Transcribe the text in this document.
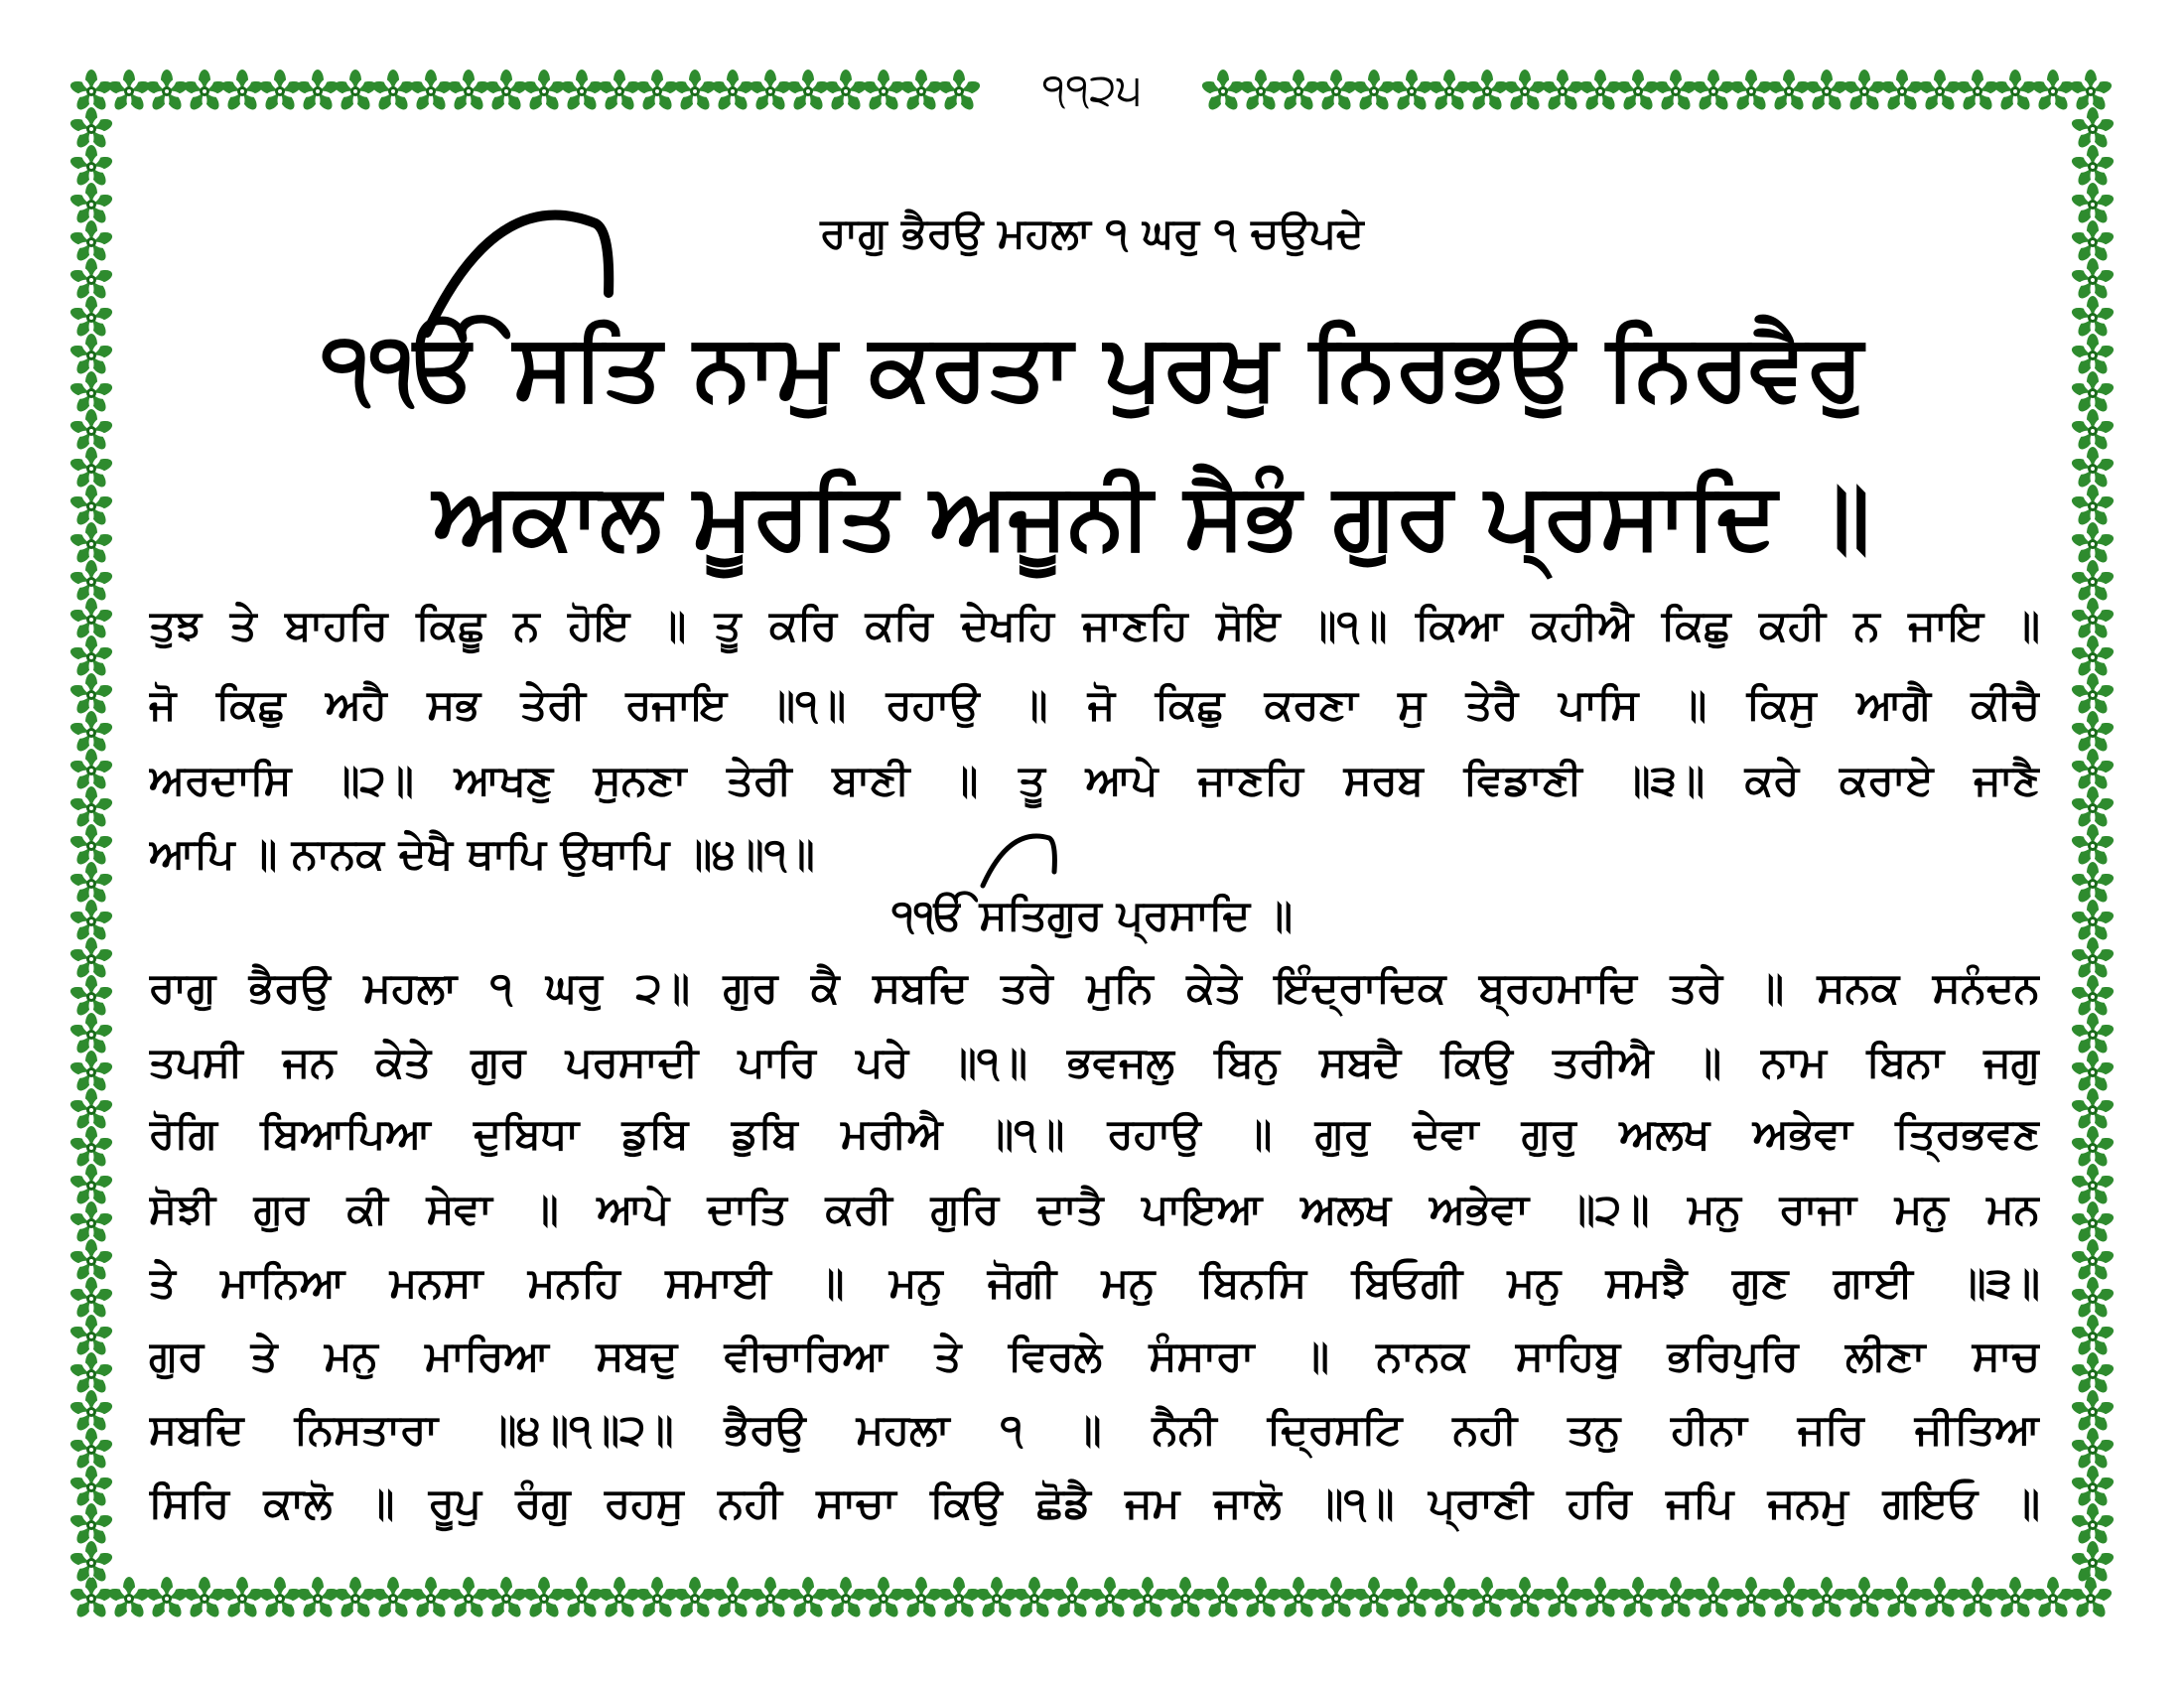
੧੧੨੫
ਰਾਗੁ ਭੈਰਉ ਮਹਲਾ ੧ ਘਰੁ ੧ ਚਉਪਦੇ
੧ੴ ਸਤਿ ਨਾਮੁ ਕਰਤਾ ਪੁਰਖੁ ਨਿਰਭਉ ਨਿਰਵੈਰੁ
ਅਕਾਲ ਮੂਰਤਿ ਅਜੂਨੀ ਸੈਭੰ ਗੁਰ ਪ੍ਰਸਾਦਿ ॥
ਤੁਝ ਤੇ ਬਾਹਰਿ ਕਿਛੂ ਨ ਹੋਇ ॥ ਤੂ ਕਰਿ ਕਰਿ ਦੇਖਹਿ ਜਾਣਹਿ ਸੋਇ ॥੧॥ ਕਿਆ ਕਹੀਐ ਕਿਛੁ ਕਹੀ ਨ ਜਾਇ ॥
ਜੋ ਕਿਛੁ ਅਹੈ ਸਭ ਤੇਰੀ ਰਜਾਇ ॥੧॥ ਰਹਾਉ ॥ ਜੋ ਕਿਛੁ ਕਰਣਾ ਸੁ ਤੇਰੈ ਪਾਸਿ ॥ ਕਿਸੁ ਆਗੈ ਕੀਚੈ
ਅਰਦਾਸਿ ॥੨॥ ਆਖਣੁ ਸੁਨਣਾ ਤੇਰੀ ਬਾਣੀ ॥ ਤੂ ਆਪੇ ਜਾਣਹਿ ਸਰਬ ਵਿਡਾਣੀ ॥੩॥ ਕਰੇ ਕਰਾਏ ਜਾਣੈ
ਆਪਿ ॥ ਨਾਨਕ ਦੇਖੈ ਥਾਪਿ ਉਥਾਪਿ ॥੪॥੧॥
੧ੴ ਸਤਿਗੁਰ ਪ੍ਰਸਾਦਿ ॥
ਰਾਗੁ ਭੈਰਉ ਮਹਲਾ ੧ ਘਰੁ ੨॥ ਗੁਰ ਕੈ ਸਬਦਿ ਤਰੇ ਮੁਨਿ ਕੇਤੇ ਇੰਦ੍ਰਾਦਿਕ ਬ੍ਰਹਮਾਦਿ ਤਰੇ ॥ ਸਨਕ ਸਨੰਦਨ
ਤਪਸੀ ਜਨ ਕੇਤੇ ਗੁਰ ਪਰਸਾਦੀ ਪਾਰਿ ਪਰੇ ॥੧॥ ਭਵਜਲੁ ਬਿਨੁ ਸਬਦੈ ਕਿਉ ਤਰੀਐ ॥ ਨਾਮ ਬਿਨਾ ਜਗੁ
ਰੋਗਿ ਬਿਆਪਿਆ ਦੁਬਿਧਾ ਡੁਬਿ ਡੁਬਿ ਮਰੀਐ ॥੧॥ ਰਹਾਉ ॥ ਗੁਰੁ ਦੇਵਾ ਗੁਰੁ ਅਲਖ ਅਭੇਵਾ ਤ੍ਰਿਭਵਣ
ਸੋਝੀ ਗੁਰ ਕੀ ਸੇਵਾ ॥ ਆਪੇ ਦਾਤਿ ਕਰੀ ਗੁਰਿ ਦਾਤੈ ਪਾਇਆ ਅਲਖ ਅਭੇਵਾ ॥੨॥ ਮਨੁ ਰਾਜਾ ਮਨੁ ਮਨ
ਤੇ ਮਾਨਿਆ ਮਨਸਾ ਮਨਹਿ ਸਮਾਈ ॥ ਮਨੁ ਜੋਗੀ ਮਨੁ ਬਿਨਸਿ ਬਿਓਗੀ ਮਨੁ ਸਮਝੈ ਗੁਣ ਗਾਈ ॥੩॥
ਗੁਰ ਤੇ ਮਨੁ ਮਾਰਿਆ ਸਬਦੁ ਵੀਚਾਰਿਆ ਤੇ ਵਿਰਲੇ ਸੰਸਾਰਾ ॥ ਨਾਨਕ ਸਾਹਿਬੁ ਭਰਿਪੁਰਿ ਲੀਣਾ ਸਾਚ
ਸਬਦਿ ਨਿਸਤਾਰਾ ॥੪॥੧॥੨॥ ਭੈਰਉ ਮਹਲਾ ੧ ॥ ਨੈਨੀ ਦ੍ਰਿਸਟਿ ਨਹੀ ਤਨੁ ਹੀਨਾ ਜਰਿ ਜੀਤਿਆ
ਸਿਰਿ ਕਾਲੋ ॥ ਰੂਪੁ ਰੰਗੁ ਰਹਸੁ ਨਹੀ ਸਾਚਾ ਕਿਉ ਛੋਡੈ ਜਮ ਜਾਲੋ ॥੧॥ ਪ੍ਰਾਣੀ ਹਰਿ ਜਪਿ ਜਨਮੁ ਗਇਓ ॥
